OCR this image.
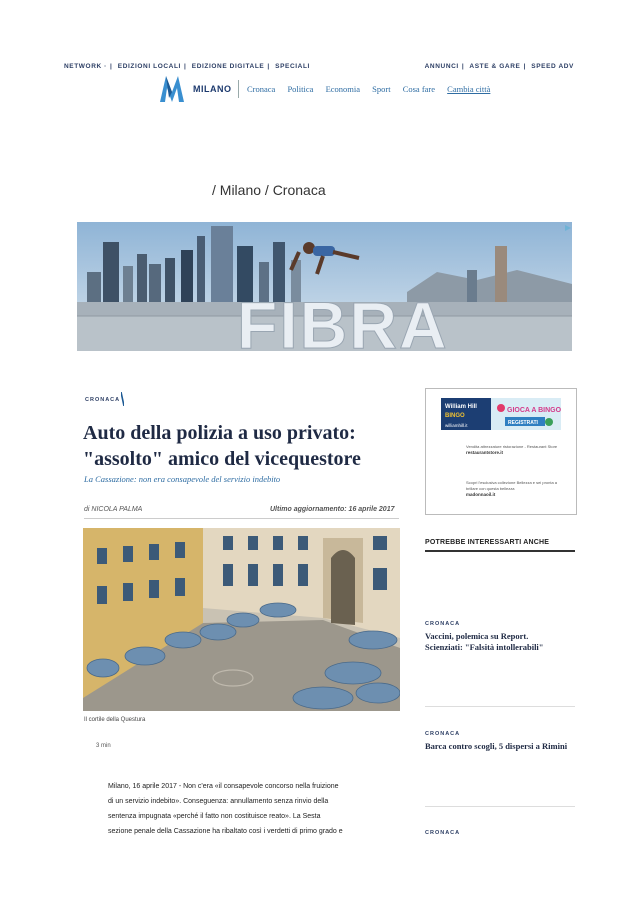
NETWORK · | EDIZIONI LOCALI | EDIZIONE DIGITALE | SPECIALI	ANNUNCI | ASTE & GARE | SPEED ADV
MILANO Cronaca Politica Economia Sport Cosa fare Cambia città
/ Milano / Cronaca
FIBRA
CRONACA
Auto della polizia a uso privato:
"assolto" amico del vicequestore
La Cassazione: non era consapevole del servizio indebito
di NICOLA PALMA	Ultimo aggiornamento: 16 aprile 2017
Il cortile della Questura
3 min
Milano, 16 aprile 2017 - Non c'era «il consapevole concorso nella fruizione
di un servizio indebito». Conseguenza: annullamento senza rinvio della
sentenza impugnata «perché il fatto non costituisce reato». La Sesta
sezione penale della Cassazione ha ribaltato così i verdetti di primo grado e
William Hill
BINGO
williamhill.it
GIOCA A BINGO
REGISTRATI
Vendita attrezzature ristorazione - Restaurant Store
restaurantstore.it
Scopri l'esclusiva collezione Bellezza e sei pronta a brillare con questa bellezza
madonnaoil.it
POTREBBE INTERESSARTI ANCHE
CRONACA
Vaccini, polemica su Report.
Scienziati: "Falsità intollerabili"
CRONACA
Barca contro scogli, 5 dispersi a Rimini
CRONACA
